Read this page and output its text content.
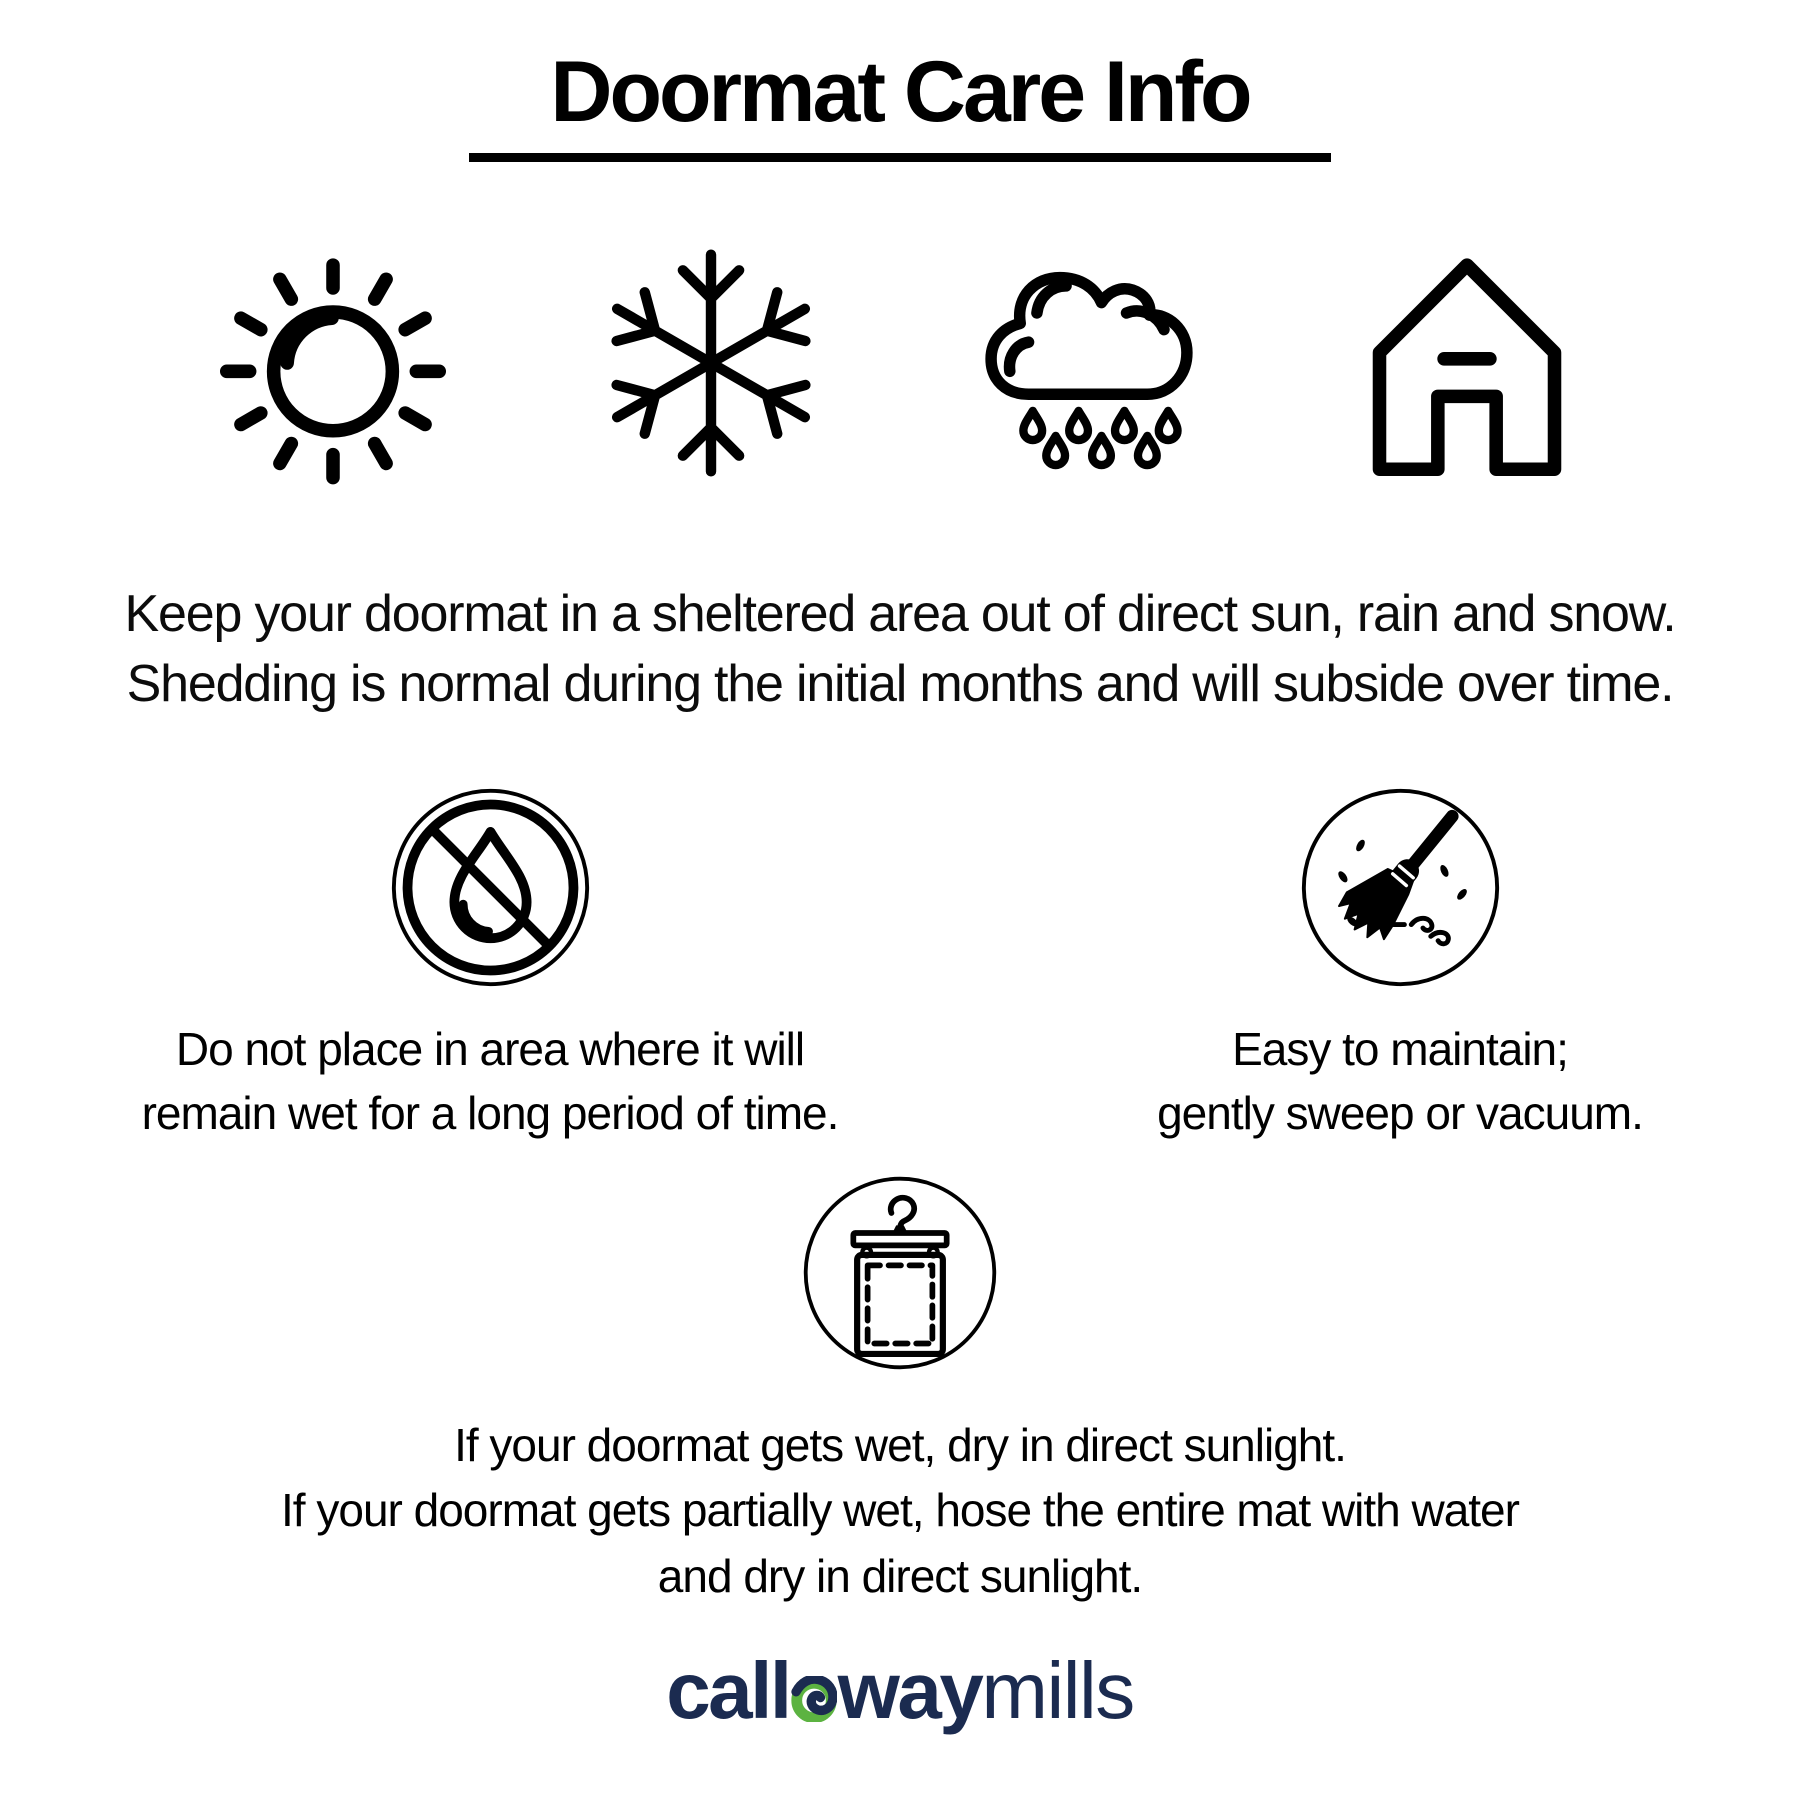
Doormat Care Info
Keep your doormat in a sheltered area out of direct sun, rain and snow.
Shedding is normal during the initial months and will subside over time.
Do not place in area where it will
remain wet for a long period of time.
Easy to maintain;
gently sweep or vacuum.
If your doormat gets wet, dry in direct sunlight.
If your doormat gets partially wet, hose the entire mat with water
and dry in direct sunlight.
call way mills
